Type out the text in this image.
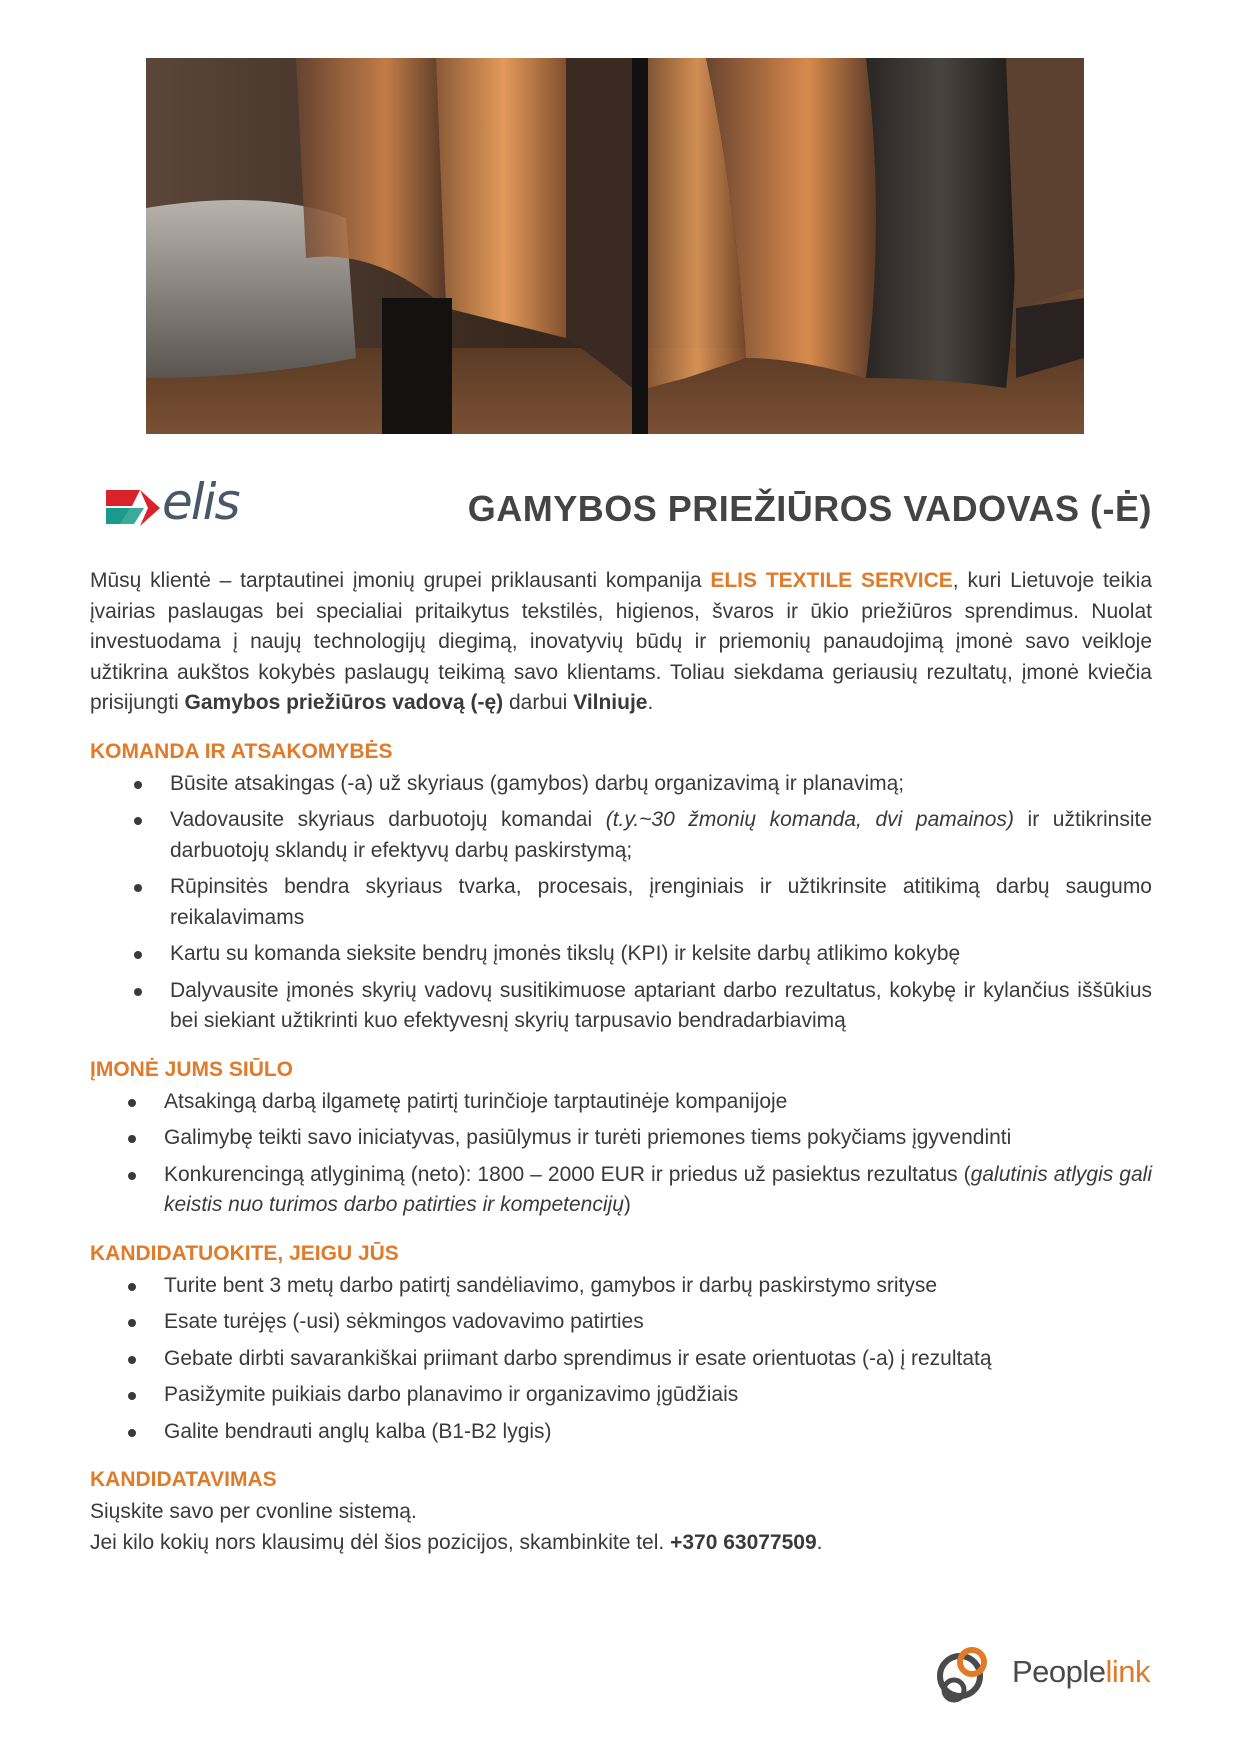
elis	GAMYBOS PRIEŽIŪROS VADOVAS (-Ė)

Mūsų klientė – tarptautinei įmonių grupei priklausanti kompanija ELIS TEXTILE SERVICE, kuri Lietuvoje teikia įvairias paslaugas bei specialiai pritaikytus tekstilės, higienos, švaros ir ūkio priežiūros sprendimus. Nuolat investuodama į naujų technologijų diegimą, inovatyvių būdų ir priemonių panaudojimą įmonė savo veikloje užtikrina aukštos kokybės paslaugų teikimą savo klientams. Toliau siekdama geriausių rezultatų, įmonė kviečia prisijungti Gamybos priežiūros vadovą (-ę) darbui Vilniuje.

KOMANDA IR ATSAKOMYBĖS
Būsite atsakingas (-a) už skyriaus (gamybos) darbų organizavimą ir planavimą;
Vadovausite skyriaus darbuotojų komandai (t.y.~30 žmonių komanda, dvi pamainos) ir užtikrinsite darbuotojų sklandų ir efektyvų darbų paskirstymą;
Rūpinsitės bendra skyriaus tvarka, procesais, įrenginiais ir užtikrinsite atitikimą darbų saugumo reikalavimams
Kartu su komanda sieksite bendrų įmonės tikslų (KPI) ir kelsite darbų atlikimo kokybę
Dalyvausite įmonės skyrių vadovų susitikimuose aptariant darbo rezultatus, kokybę ir kylančius iššūkius bei siekiant užtikrinti kuo efektyvesnį skyrių tarpusavio bendradarbiavimą
ĮMONĖ JUMS SIŪLO
Atsakingą darbą ilgametę patirtį turinčioje tarptautinėje kompanijoje
Galimybę teikti savo iniciatyvas, pasiūlymus ir turėti priemones tiems pokyčiams įgyvendinti
Konkurencingą atlyginimą (neto): 1800 – 2000 EUR ir priedus už pasiektus rezultatus (galutinis atlygis gali keistis nuo turimos darbo patirties ir kompetencijų)
KANDIDATUOKITE, JEIGU JŪS
Turite bent 3 metų darbo patirtį sandėliavimo, gamybos ir darbų paskirstymo srityse
Esate turėjęs (-usi) sėkmingos vadovavimo patirties
Gebate dirbti savarankiškai priimant darbo sprendimus ir esate orientuotas (-a) į rezultatą
Pasižymite puikiais darbo planavimo ir organizavimo įgūdžiais
Galite bendrauti anglų kalba (B1-B2 lygis)
KANDIDATAVIMAS

Siųskite savo per cvonline sistemą.

Jei kilo kokių nors klausimų dėl šios pozicijos, skambinkite tel. +370 63077509.

Peoplelink
